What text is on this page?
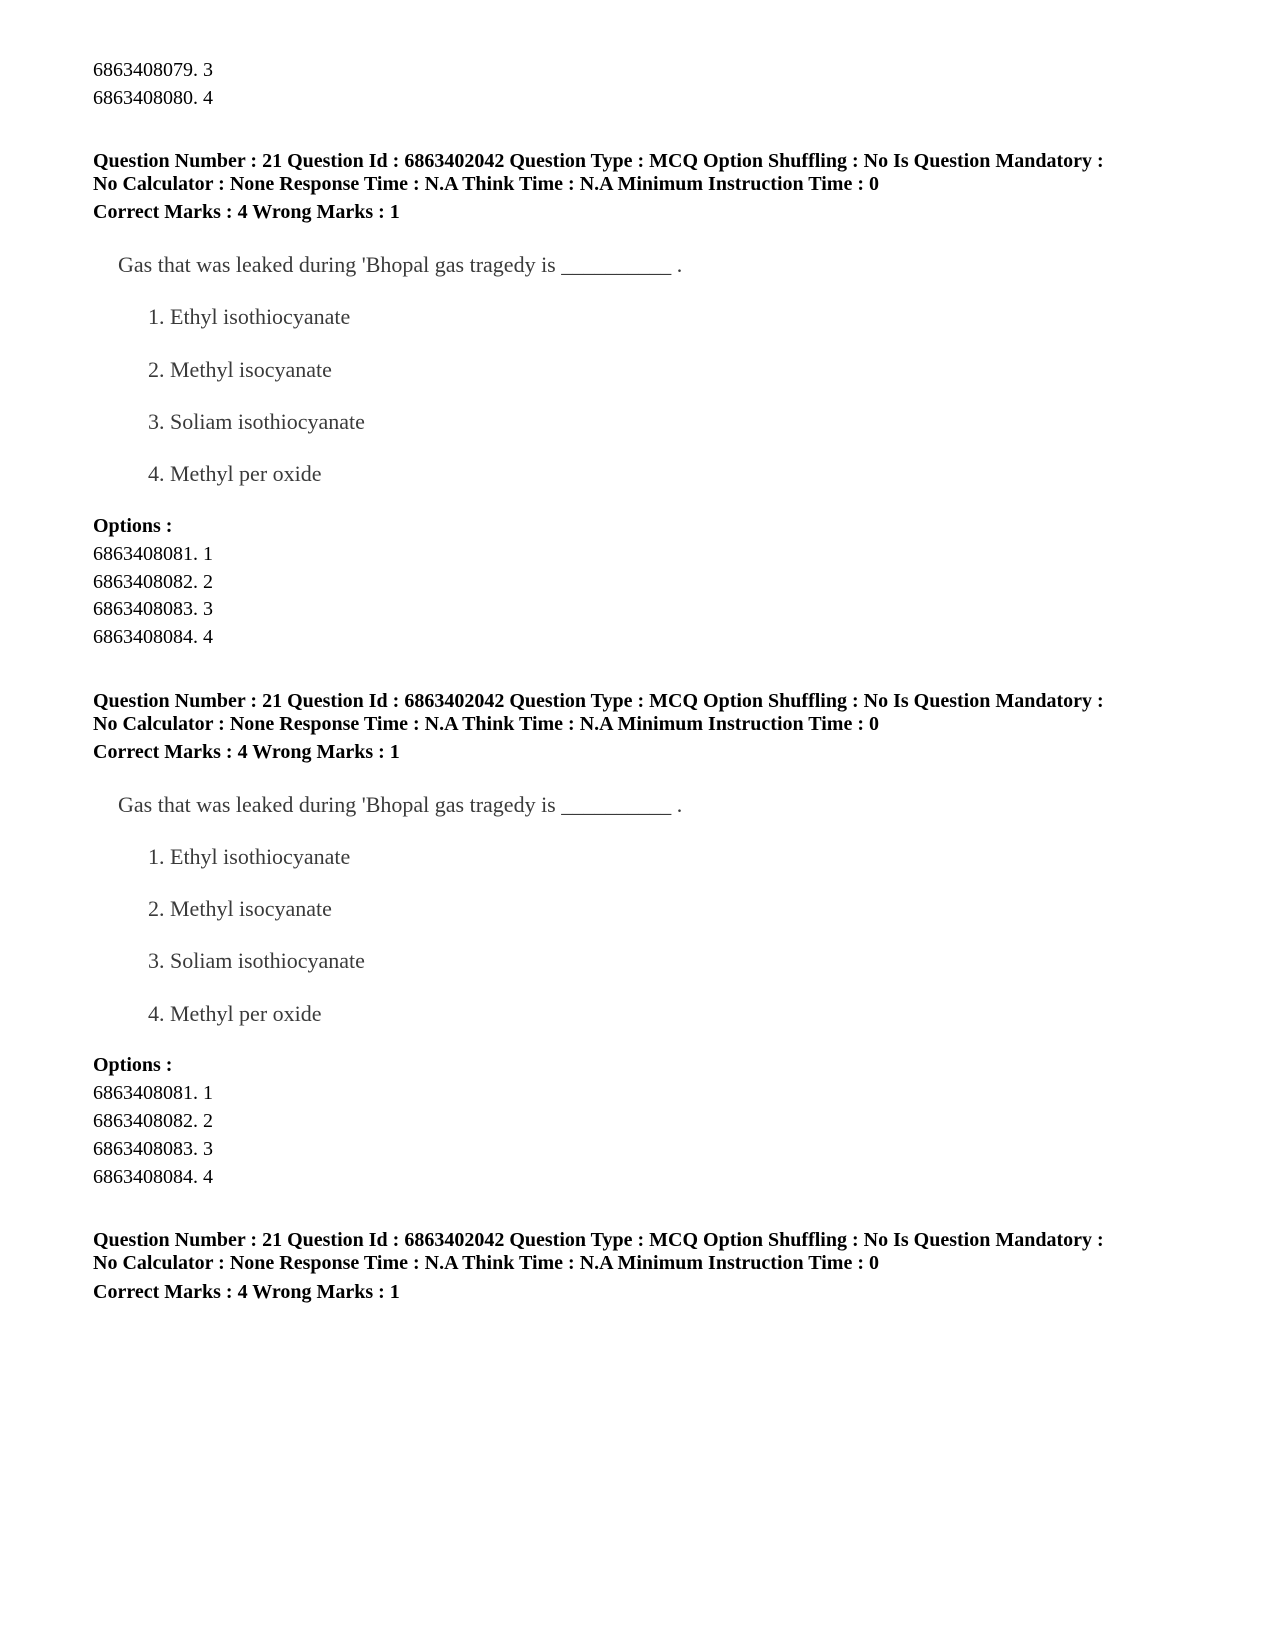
6863408079. 3
6863408080. 4
Question Number : 21 Question Id : 6863402042 Question Type : MCQ Option Shuffling : No Is Question Mandatory :
No Calculator : None Response Time : N.A Think Time : N.A Minimum Instruction Time : 0
Correct Marks : 4 Wrong Marks : 1
Gas that was leaked during 'Bhopal gas tragedy is __________ .
1. Ethyl isothiocyanate
2. Methyl isocyanate
3. Soliam isothiocyanate
4. Methyl per oxide
Options :
6863408081. 1
6863408082. 2
6863408083. 3
6863408084. 4
Question Number : 21 Question Id : 6863402042 Question Type : MCQ Option Shuffling : No Is Question Mandatory :
No Calculator : None Response Time : N.A Think Time : N.A Minimum Instruction Time : 0
Correct Marks : 4 Wrong Marks : 1
Gas that was leaked during 'Bhopal gas tragedy is __________ .
1. Ethyl isothiocyanate
2. Methyl isocyanate
3. Soliam isothiocyanate
4. Methyl per oxide
Options :
6863408081. 1
6863408082. 2
6863408083. 3
6863408084. 4
Question Number : 21 Question Id : 6863402042 Question Type : MCQ Option Shuffling : No Is Question Mandatory :
No Calculator : None Response Time : N.A Think Time : N.A Minimum Instruction Time : 0
Correct Marks : 4 Wrong Marks : 1
